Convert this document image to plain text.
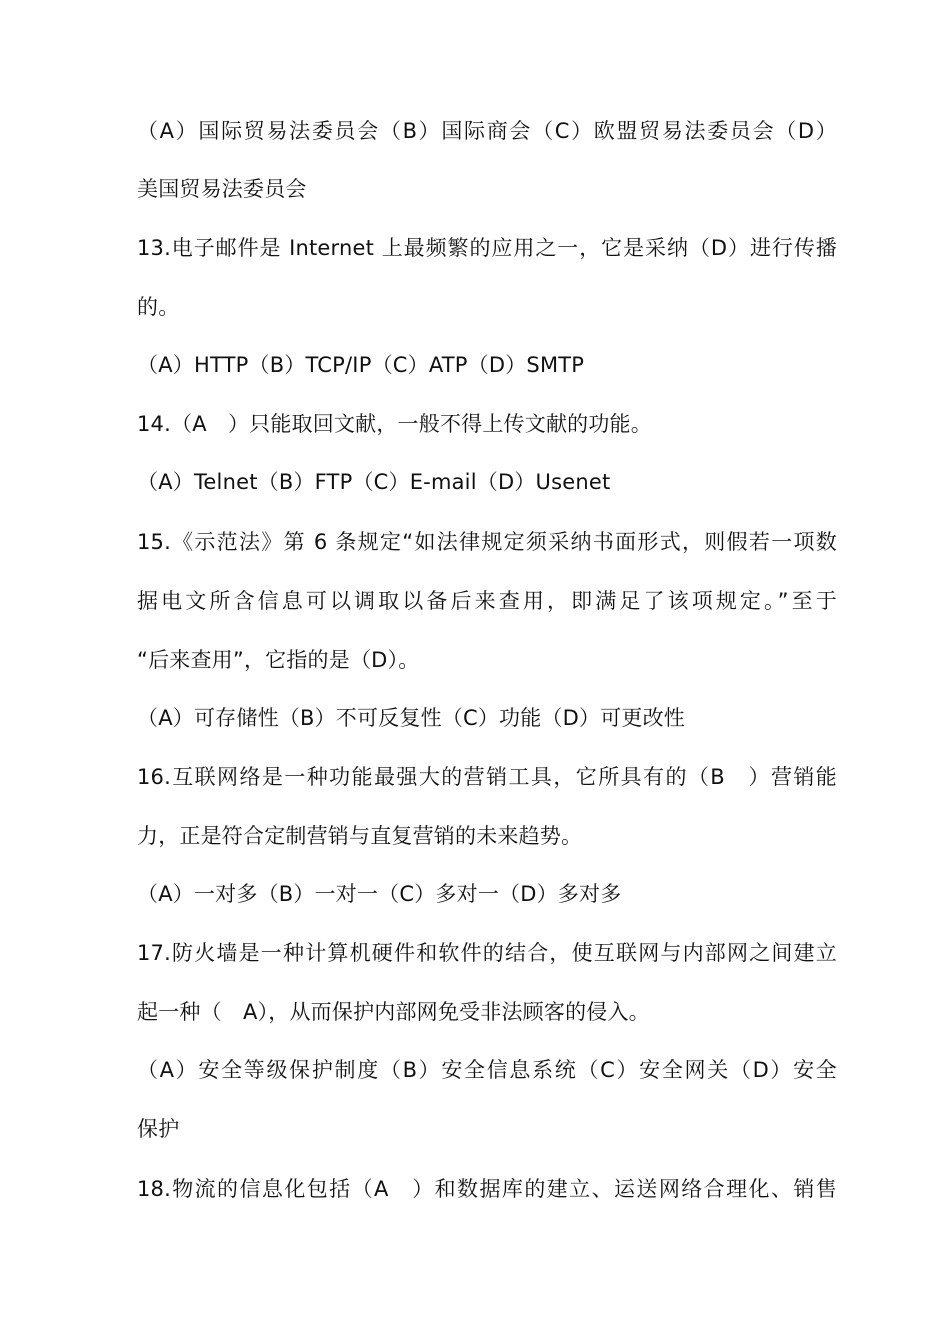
（A）国际贸易法委员会（B）国际商会（C）欧盟贸易法委员会（D）
美国贸易法委员会
13.电子邮件是 Internet 上最频繁的应用之一，它是采纳（D）进行传播
的。
（A）HTTP（B）TCP/IP（C）ATP（D）SMTP
14.（A　）只能取回文献，一般不得上传文献的功能。
（A）Telnet（B）FTP（C）E-mail（D）Usenet
15.《示范法》第 6 条规定“如法律规定须采纳书面形式，则假若一项数
据电文所含信息可以调取以备后来查用，即满足了该项规定。”至于
“后来查用”，它指的是（D）。
（A）可存储性（B）不可反复性（C）功能（D）可更改性
16.互联网络是一种功能最强大的营销工具，它所具有的（B　）营销能
力，正是符合定制营销与直复营销的未来趋势。
（A）一对多（B）一对一（C）多对一（D）多对多
17.防火墙是一种计算机硬件和软件的结合，使互联网与内部网之间建立
起一种（　A），从而保护内部网免受非法顾客的侵入。
（A）安全等级保护制度（B）安全信息系统（C）安全网关（D）安全
保护
18.物流的信息化包括（A　）和数据库的建立、运送网络合理化、销售
